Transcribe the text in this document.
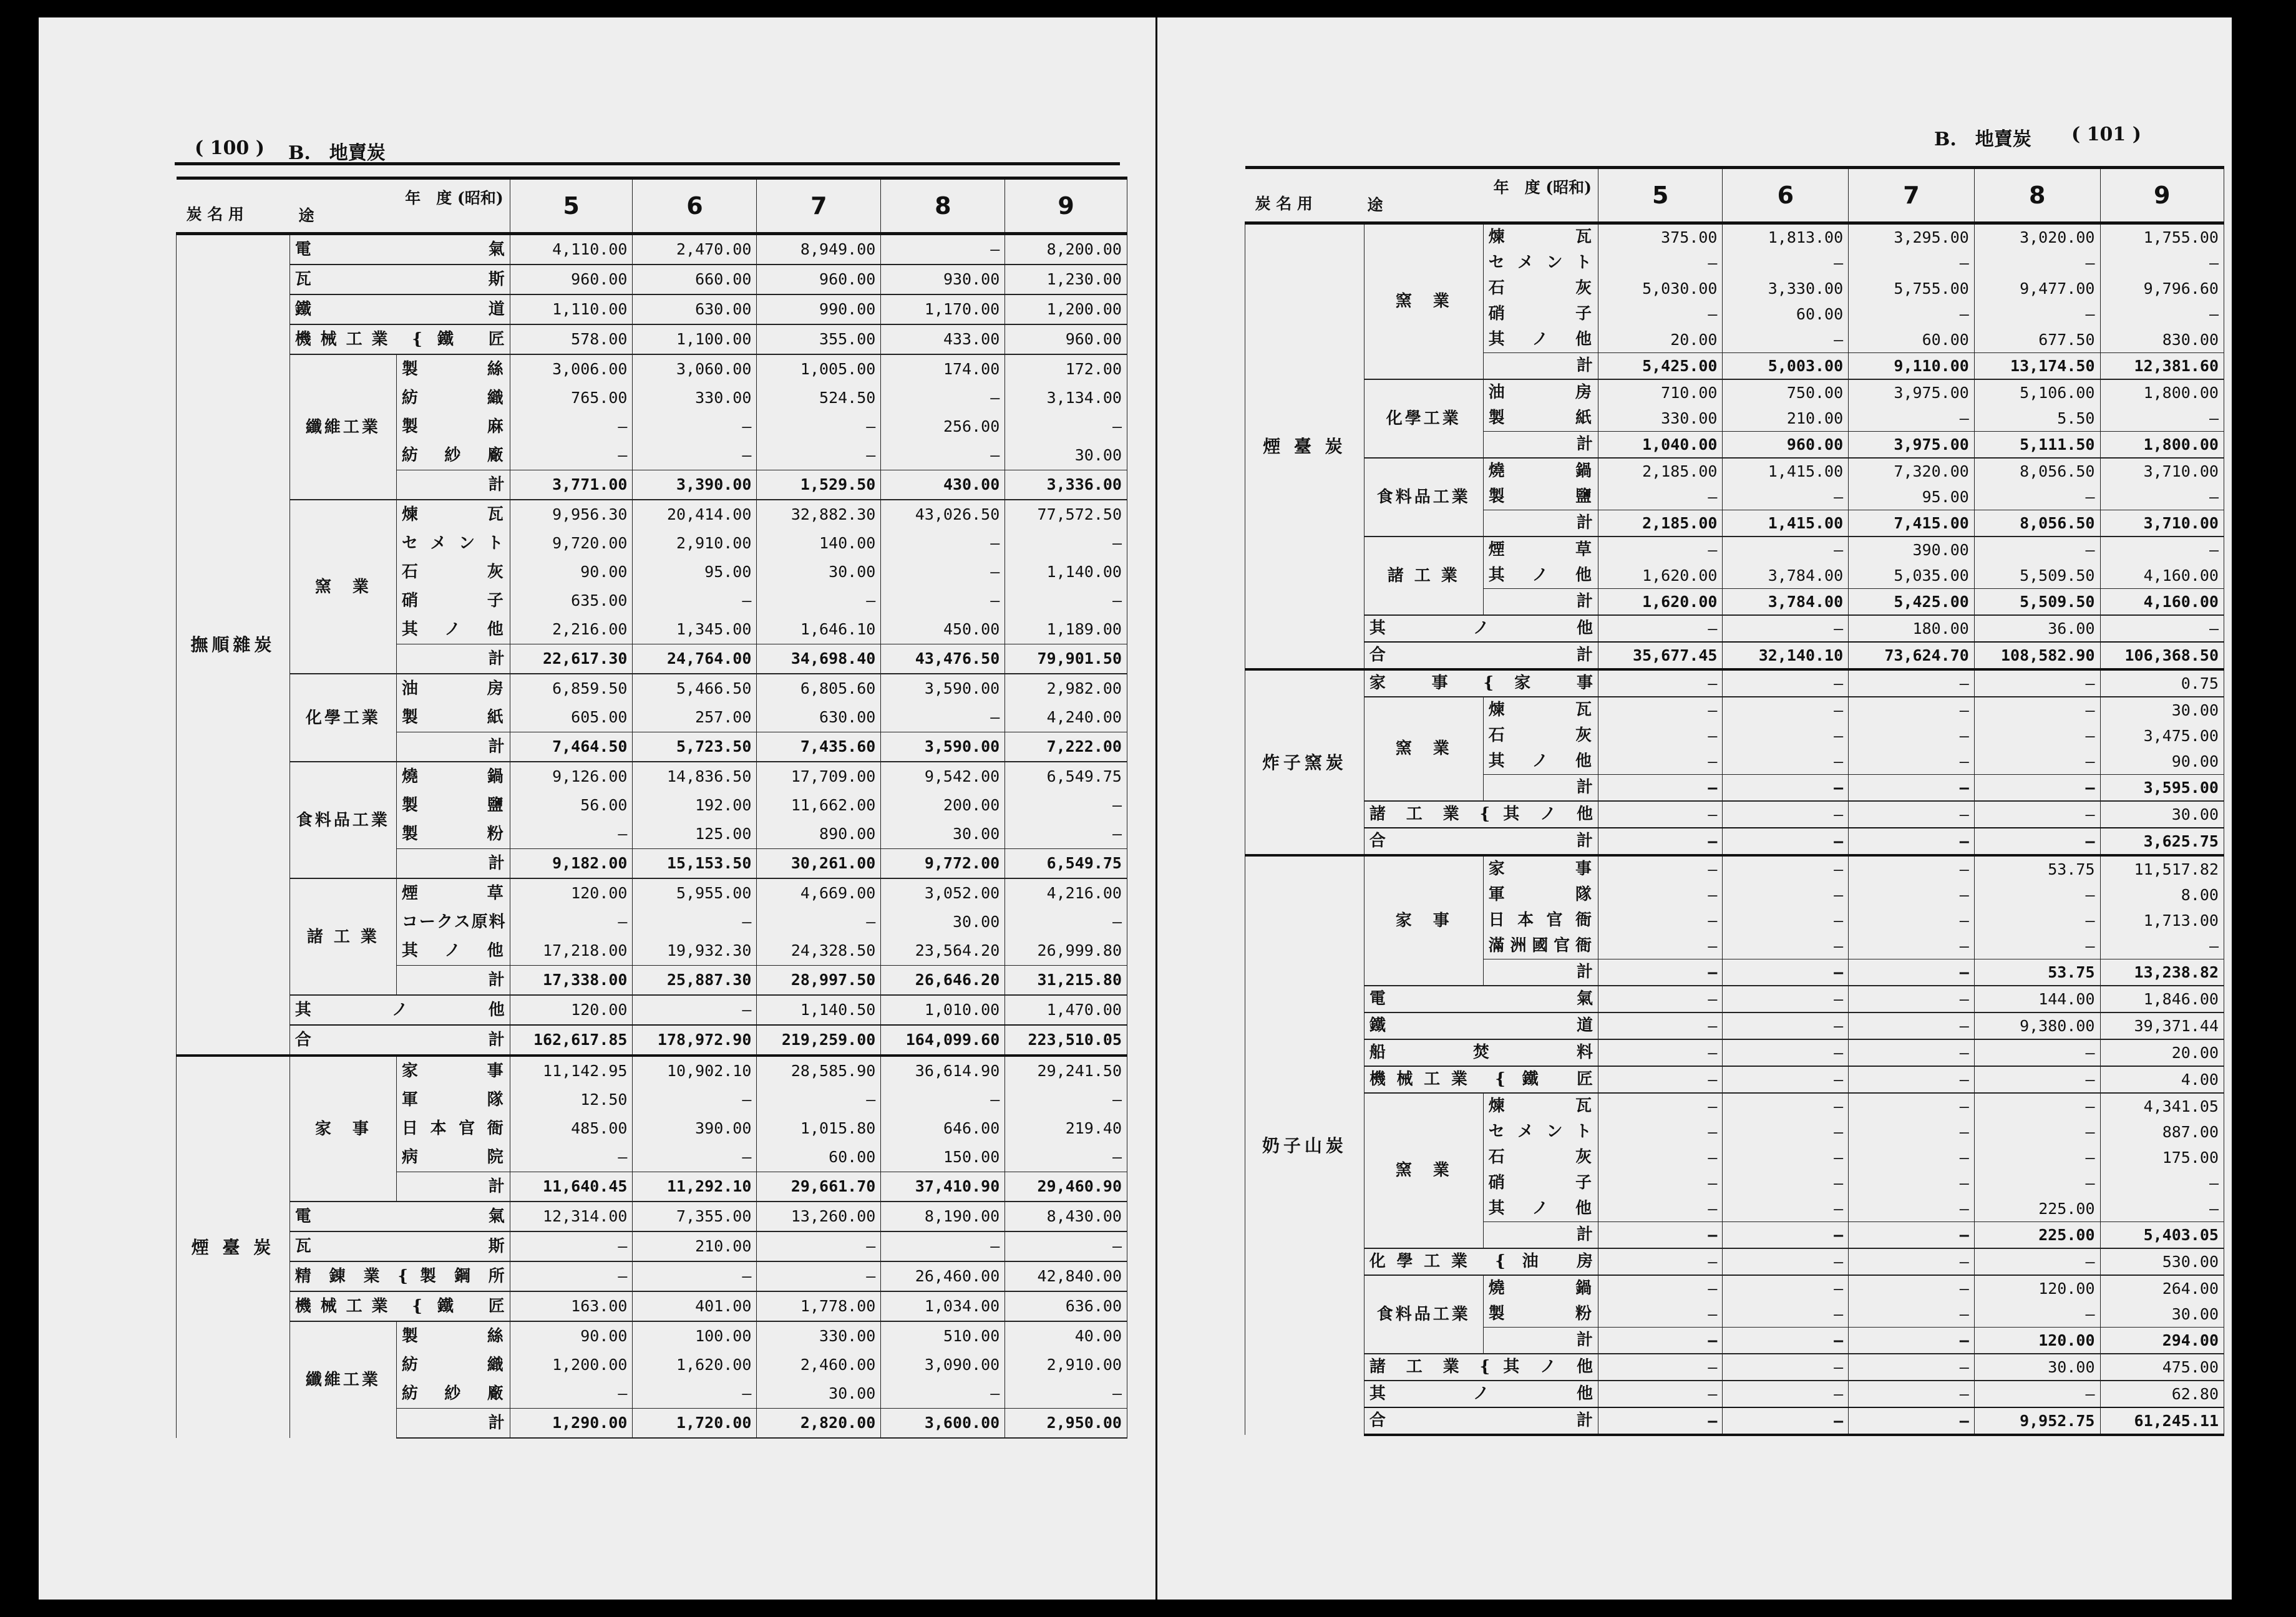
( 100 ) B.　地賣炭
炭 名 用 途
年　度 (昭和)			5	6	7	8	9
撫順雜炭	電　　　　　氣		4,110.00	2,470.00	8,949.00	—	8,200.00
	瓦　　　　　斯		960.00	660.00	960.00	930.00	1,230.00
	鐵　　　　　道		1,110.00	630.00	990.00	1,170.00	1,200.00
	機械工業 { 鐵　匠		578.00	1,100.00	355.00	433.00	960.00
	纖維工業	製　絲	3,006.00	3,060.00	1,005.00	174.00	172.00
		紡　織	765.00	330.00	524.50	—	3,134.00
		製　麻	—	—	—	256.00	—
		紡 紗 廠	—	—	—	—	30.00
		計	3,771.00	3,390.00	1,529.50	430.00	3,336.00
	窯　業	煉　瓦	9,956.30	20,414.00	32,882.30	43,026.50	77,572.50
		セメント	9,720.00	2,910.00	140.00	—	—
		石　灰	90.00	95.00	30.00	—	1,140.00
		硝　子	635.00	—	—	—	—
		其 ノ 他	2,216.00	1,345.00	1,646.10	450.00	1,189.00
		計	22,617.30	24,764.00	34,698.40	43,476.50	79,901.50
	化學工業	油　房	6,859.50	5,466.50	6,805.60	3,590.00	2,982.00
		製　紙	605.00	257.00	630.00	—	4,240.00
		計	7,464.50	5,723.50	7,435.60	3,590.00	7,222.00
	食料品工業	燒　鍋	9,126.00	14,836.50	17,709.00	9,542.00	6,549.75
		製　鹽	56.00	192.00	11,662.00	200.00	—
		製　粉	—	125.00	890.00	30.00	—
		計	9,182.00	15,153.50	30,261.00	9,772.00	6,549.75
	諸 工 業	煙　草	120.00	5,955.00	4,669.00	3,052.00	4,216.00
		コークス原料	—	—	—	30.00	—
		其 ノ 他	17,218.00	19,932.30	24,328.50	23,564.20	26,999.80
		計	17,338.00	25,887.30	28,997.50	26,646.20	31,215.80
	其　　ノ　　他		120.00	—	1,140.50	1,010.00	1,470.00
	合　　　　計		162,617.85	178,972.90	219,259.00	164,099.60	223,510.05
煙 臺 炭	家　事	家　事	11,142.95	10,902.10	28,585.90	36,614.90	29,241.50
		軍　隊	12.50	—	—	—	—
		日本官衙	485.00	390.00	1,015.80	646.00	219.40
		病　院	—	—	60.00	150.00	—
		計	11,640.45	11,292.10	29,661.70	37,410.90	29,460.90
	電　　　　　氣		12,314.00	7,355.00	13,260.00	8,190.00	8,430.00
	瓦　　　　　斯		—	210.00	—	—	—
	精 錬 業 { 製 鋼 所		—	—	—	26,460.00	42,840.00
	機械工業 { 鐵　匠		163.00	401.00	1,778.00	1,034.00	636.00
	纖維工業	製　絲	90.00	100.00	330.00	510.00	40.00
		紡　織	1,200.00	1,620.00	2,460.00	3,090.00	2,910.00
		紡 紗 廠	—	—	30.00	—	—
		計	1,290.00	1,720.00	2,820.00	3,600.00	2,950.00
B.　地賣炭 ( 101 )
炭 名 用 途
年　度 (昭和)			5	6	7	8	9
煙 臺 炭	窯　業	煉　瓦	375.00	1,813.00	3,295.00	3,020.00	1,755.00
		セメント	—	—	—	—	—
		石　灰	5,030.00	3,330.00	5,755.00	9,477.00	9,796.60
		硝　子	—	60.00	—	—	—
		其 ノ 他	20.00	—	60.00	677.50	830.00
		計	5,425.00	5,003.00	9,110.00	13,174.50	12,381.60
	化學工業	油　房	710.00	750.00	3,975.00	5,106.00	1,800.00
		製　紙	330.00	210.00	—	5.50	—
		計	1,040.00	960.00	3,975.00	5,111.50	1,800.00
	食料品工業	燒　鍋	2,185.00	1,415.00	7,320.00	8,056.50	3,710.00
		製　鹽	—	—	95.00	—	—
		計	2,185.00	1,415.00	7,415.00	8,056.50	3,710.00
	諸 工 業	煙　草	—	—	390.00	—	—
		其 ノ 他	1,620.00	3,784.00	5,035.00	5,509.50	4,160.00
		計	1,620.00	3,784.00	5,425.00	5,509.50	4,160.00
	其　　ノ　　他		—	—	180.00	36.00	—
	合　　　　計		35,677.45	32,140.10	73,624.70	108,582.90	106,368.50
炸子窯炭	家　事 { 家　事		—	—	—	—	0.75
	窯　業	煉　瓦	—	—	—	—	30.00
		石　灰	—	—	—	—	3,475.00
		其 ノ 他	—	—	—	—	90.00
		計	—	—	—	—	3,595.00
	諸 工 業 { 其 ノ 他		—	—	—	—	30.00
	合　　　　計		—	—	—	—	3,625.75
奶子山炭	家　事	家　事	—	—	—	53.75	11,517.82
		軍　隊	—	—	—	—	8.00
		日本官衙	—	—	—	—	1,713.00
		滿洲國官衙	—	—	—	—	—
		計	—	—	—	53.75	13,238.82
	電　　　　　氣		—	—	—	144.00	1,846.00
	鐵　　　　　道		—	—	—	9,380.00	39,371.44
	船　　焚　　料		—	—	—	—	20.00
	機械工業 { 鐵　匠		—	—	—	—	4.00
	窯　業	煉　瓦	—	—	—	—	4,341.05
		セメント	—	—	—	—	887.00
		石　灰	—	—	—	—	175.00
		硝　子	—	—	—	—	—
		其 ノ 他	—	—	—	225.00	—
		計	—	—	—	225.00	5,403.05
	化學工業 { 油　房		—	—	—	—	530.00
	食料品工業	燒　鍋	—	—	—	120.00	264.00
		製　粉	—	—	—	—	30.00
		計	—	—	—	120.00	294.00
	諸 工 業 { 其 ノ 他		—	—	—	30.00	475.00
	其　　ノ　　他		—	—	—	—	62.80
	合　　　　計		—	—	—	9,952.75	61,245.11
